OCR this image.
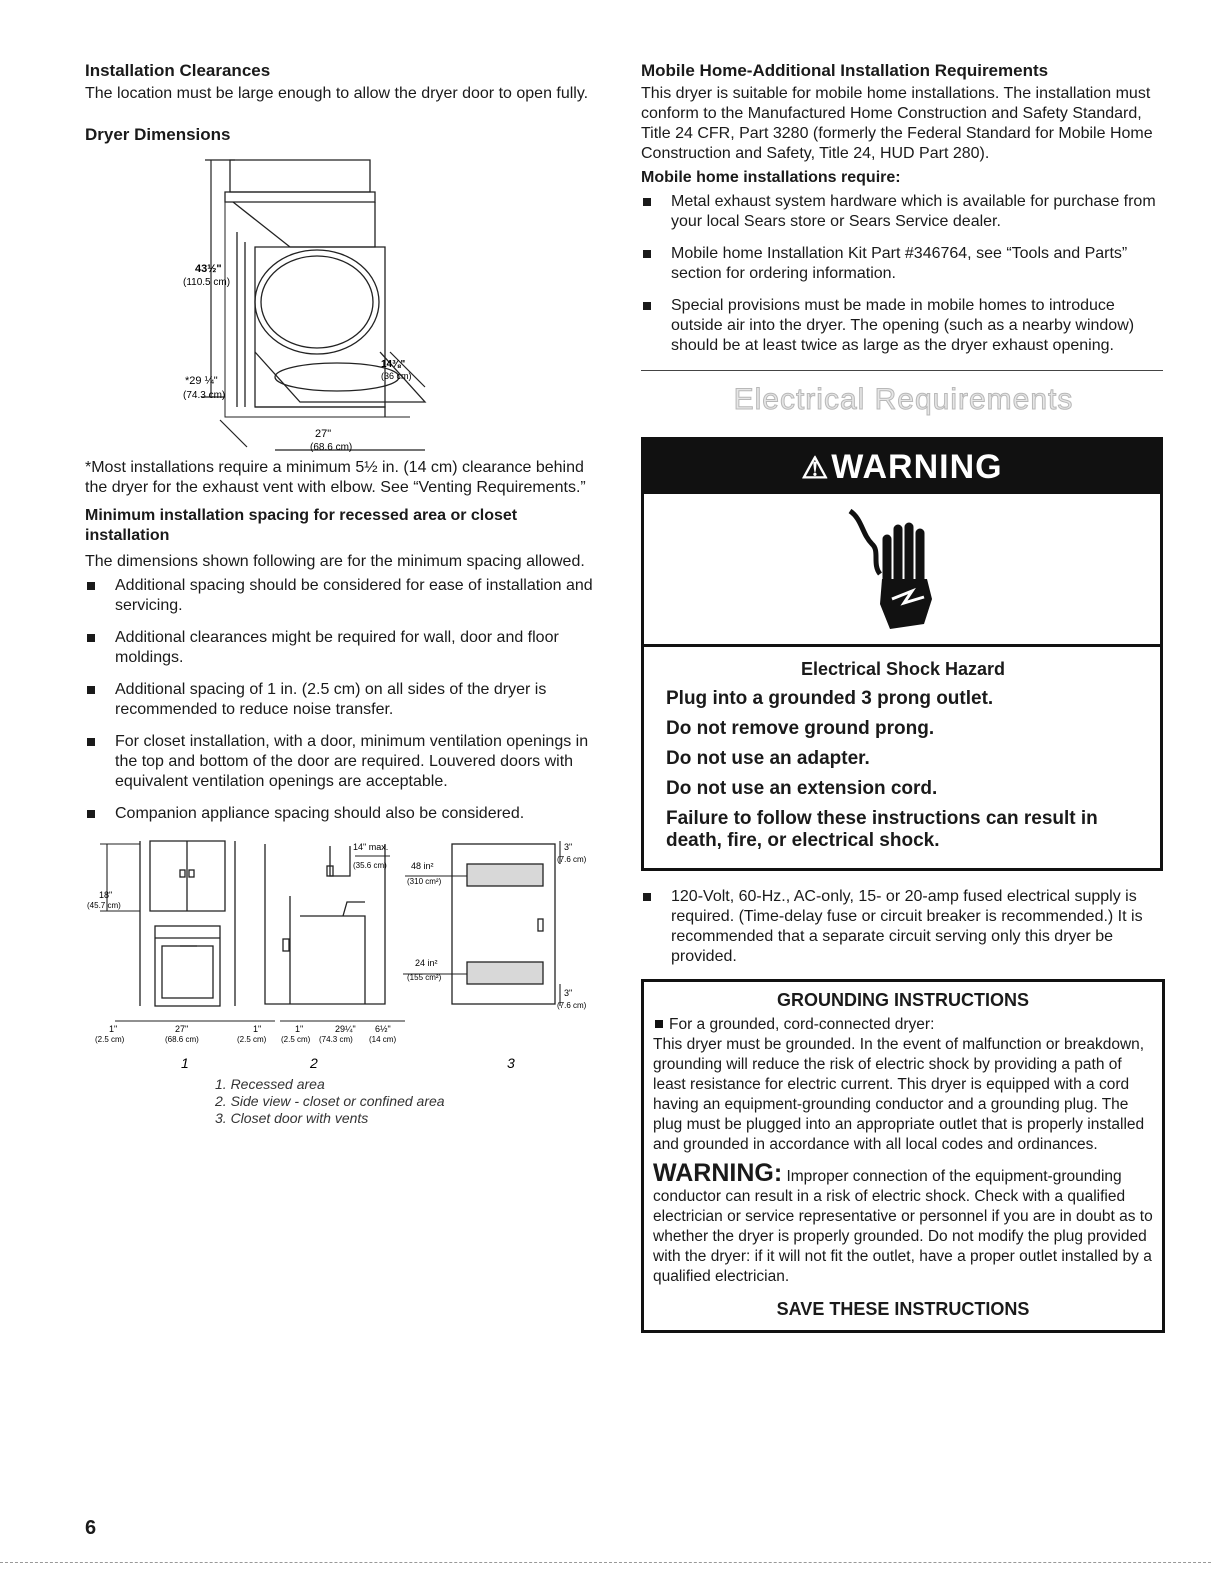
Installation Clearances

The location must be large enough to allow the dryer door to open fully.

Dryer Dimensions
43½"
(110.5 cm)
*29 ¼"
(74.3 cm)
27"
(68.6 cm)
14⅜"
(36 cm)

*Most installations require a minimum 5½ in. (14 cm) clearance behind the dryer for the exhaust vent with elbow. See “Venting Requirements.”

Minimum installation spacing for recessed area or closet installation

The dimensions shown following are for the minimum spacing allowed.

Additional spacing should be considered for ease of installation and servicing.
Additional clearances might be required for wall, door and floor moldings.
Additional spacing of 1 in. (2.5 cm) on all sides of the dryer is recommended to reduce noise transfer.
For closet installation, with a door, minimum ventilation openings in the top and bottom of the door are required. Louvered doors with equivalent ventilation openings are acceptable.
Companion appliance spacing should also be considered.
18"
(45.7 cm)
1"
(2.5 cm)
27"
(68.6 cm)
1"
(2.5 cm)
1"
(2.5 cm)
29¼"
(74.3 cm)
6½"
(14 cm)
14" max.
(35.6 cm)	48 in²
(310 cm²)
24 in²
(155 cm²)
3"
(7.6 cm)
3"
(7.6 cm)
1	2	3
1. Recessed area
2. Side view - closet or confined area
3. Closet door with vents
Mobile Home-Additional Installation Requirements

This dryer is suitable for mobile home installations. The installation must conform to the Manufactured Home Construction and Safety Standard, Title 24 CFR, Part 3280 (formerly the Federal Standard for Mobile Home Construction and Safety, Title 24, HUD Part 280).

Mobile home installations require:

Metal exhaust system hardware which is available for purchase from your local Sears store or Sears Service dealer.
Mobile home Installation Kit Part #346764, see “Tools and Parts” section for ordering information.
Special provisions must be made in mobile homes to introduce outside air into the dryer. The opening (such as a nearby window) should be at least twice as large as the dryer exhaust opening.
Electrical Requirements
⚠WARNING
Electrical Shock Hazard
Plug into a grounded 3 prong outlet.
Do not remove ground prong.
Do not use an adapter.
Do not use an extension cord.
Failure to follow these instructions can result in death, fire, or electrical shock.
120-Volt, 60-Hz., AC-only, 15- or 20-amp fused electrical supply is required. (Time-delay fuse or circuit breaker is recommended.) It is recommended that a separate circuit serving only this dryer be provided.
GROUNDING INSTRUCTIONS

For a grounded, cord-connected dryer:

This dryer must be grounded. In the event of malfunction or breakdown, grounding will reduce the risk of electric shock by providing a path of least resistance for electric current. This dryer is equipped with a cord having an equipment-grounding conductor and a grounding plug. The plug must be plugged into an appropriate outlet that is properly installed and grounded in accordance with all local codes and ordinances.

WARNING: Improper connection of the equipment-grounding conductor can result in a risk of electric shock. Check with a qualified electrician or service representative or personnel if you are in doubt as to whether the dryer is properly grounded. Do not modify the plug provided with the dryer: if it will not fit the outlet, have a proper outlet installed by a qualified electrician.

SAVE THESE INSTRUCTIONS
6
